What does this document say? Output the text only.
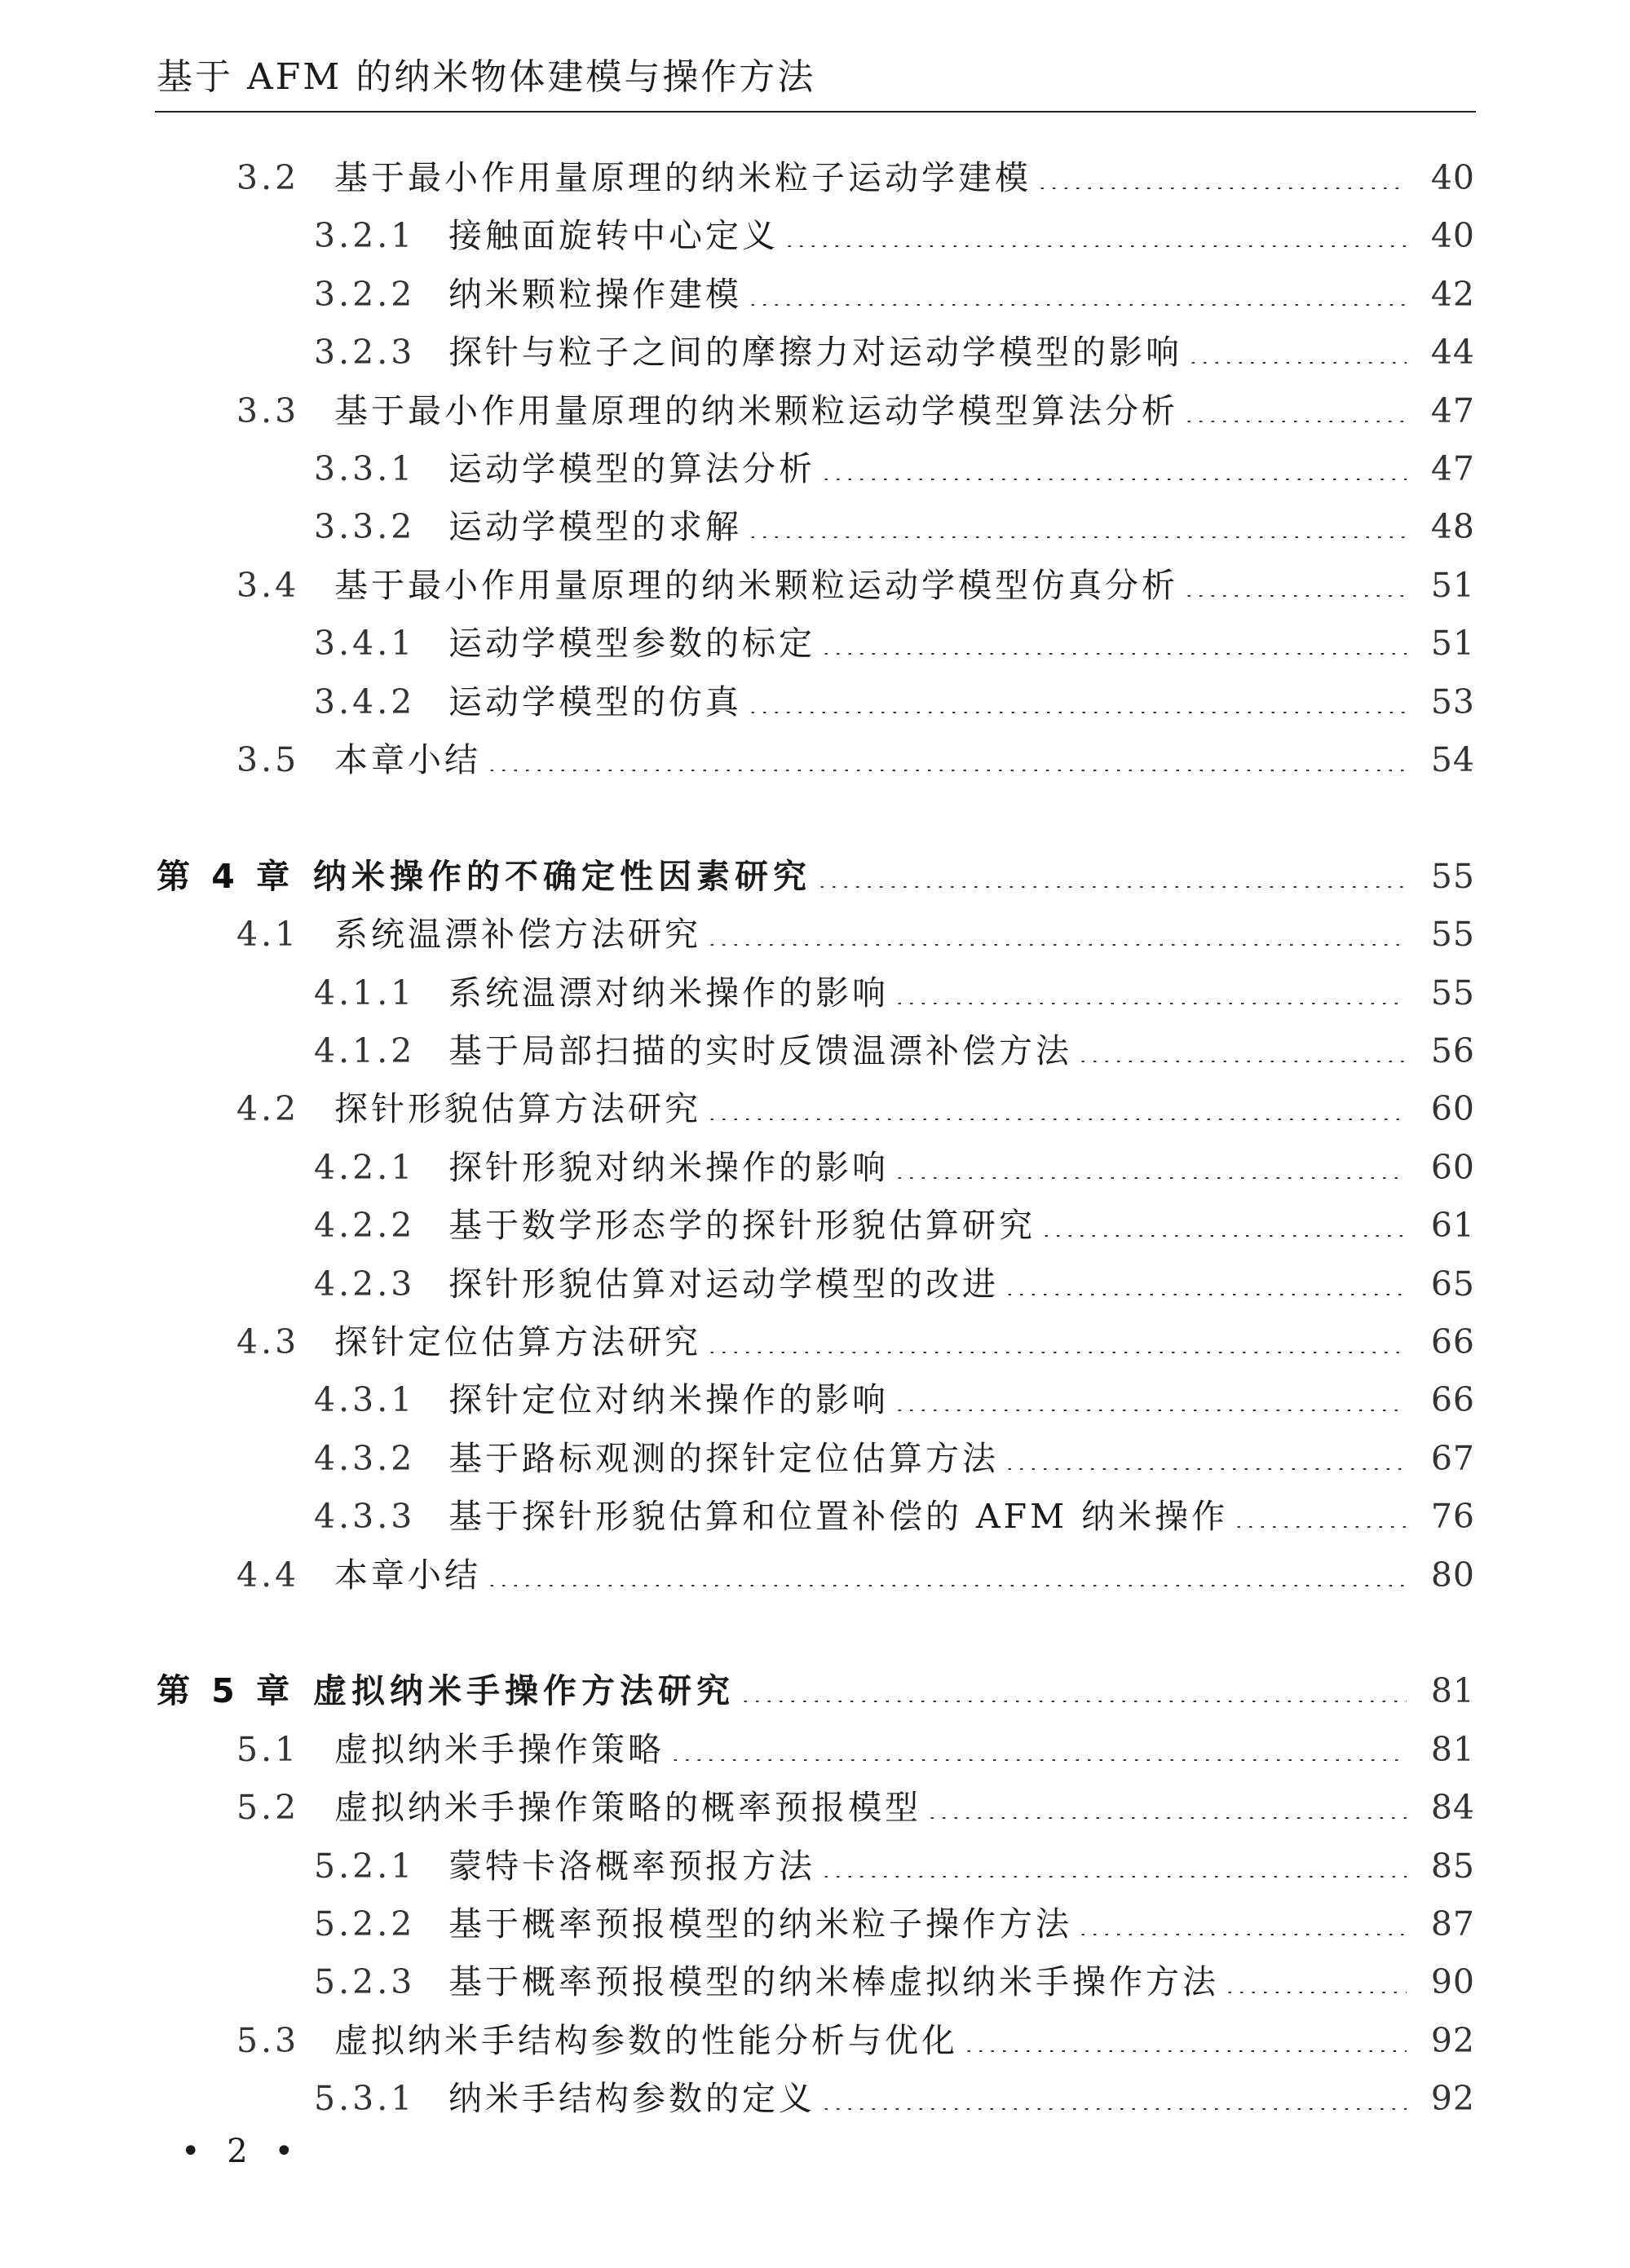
基于 AFM 的纳米物体建模与操作方法
3.2	基于最小作用量原理的纳米粒子运动学建模	40
3.2.1 接触面旋转中心定义	40
3.2.2 纳米颗粒操作建模	42
3.2.3 探针与粒子之间的摩擦力对运动学模型的影响	44
3.3	基于最小作用量原理的纳米颗粒运动学模型算法分析	47
3.3.1 运动学模型的算法分析	47
3.3.2 运动学模型的求解	48
3.4	基于最小作用量原理的纳米颗粒运动学模型仿真分析	51
3.4.1 运动学模型参数的标定	51
3.4.2 运动学模型的仿真	53
3.5	本章小结	54
第 4 章 纳米操作的不确定性因素研究	55
4.1	系统温漂补偿方法研究	55
4.1.1 系统温漂对纳米操作的影响	55
4.1.2 基于局部扫描的实时反馈温漂补偿方法	56
4.2	探针形貌估算方法研究	60
4.2.1 探针形貌对纳米操作的影响	60
4.2.2 基于数学形态学的探针形貌估算研究	61
4.2.3 探针形貌估算对运动学模型的改进	65
4.3	探针定位估算方法研究	66
4.3.1 探针定位对纳米操作的影响	66
4.3.2 基于路标观测的探针定位估算方法	67
4.3.3 基于探针形貌估算和位置补偿的 AFM 纳米操作	76
4.4	本章小结	80
第 5 章 虚拟纳米手操作方法研究	81
5.1	虚拟纳米手操作策略	81
5.2	虚拟纳米手操作策略的概率预报模型	84
5.2.1 蒙特卡洛概率预报方法	85
5.2.2 基于概率预报模型的纳米粒子操作方法	87
5.2.3 基于概率预报模型的纳米棒虚拟纳米手操作方法	90
5.3	虚拟纳米手结构参数的性能分析与优化	92
5.3.1 纳米手结构参数的定义	92
• 2 •
